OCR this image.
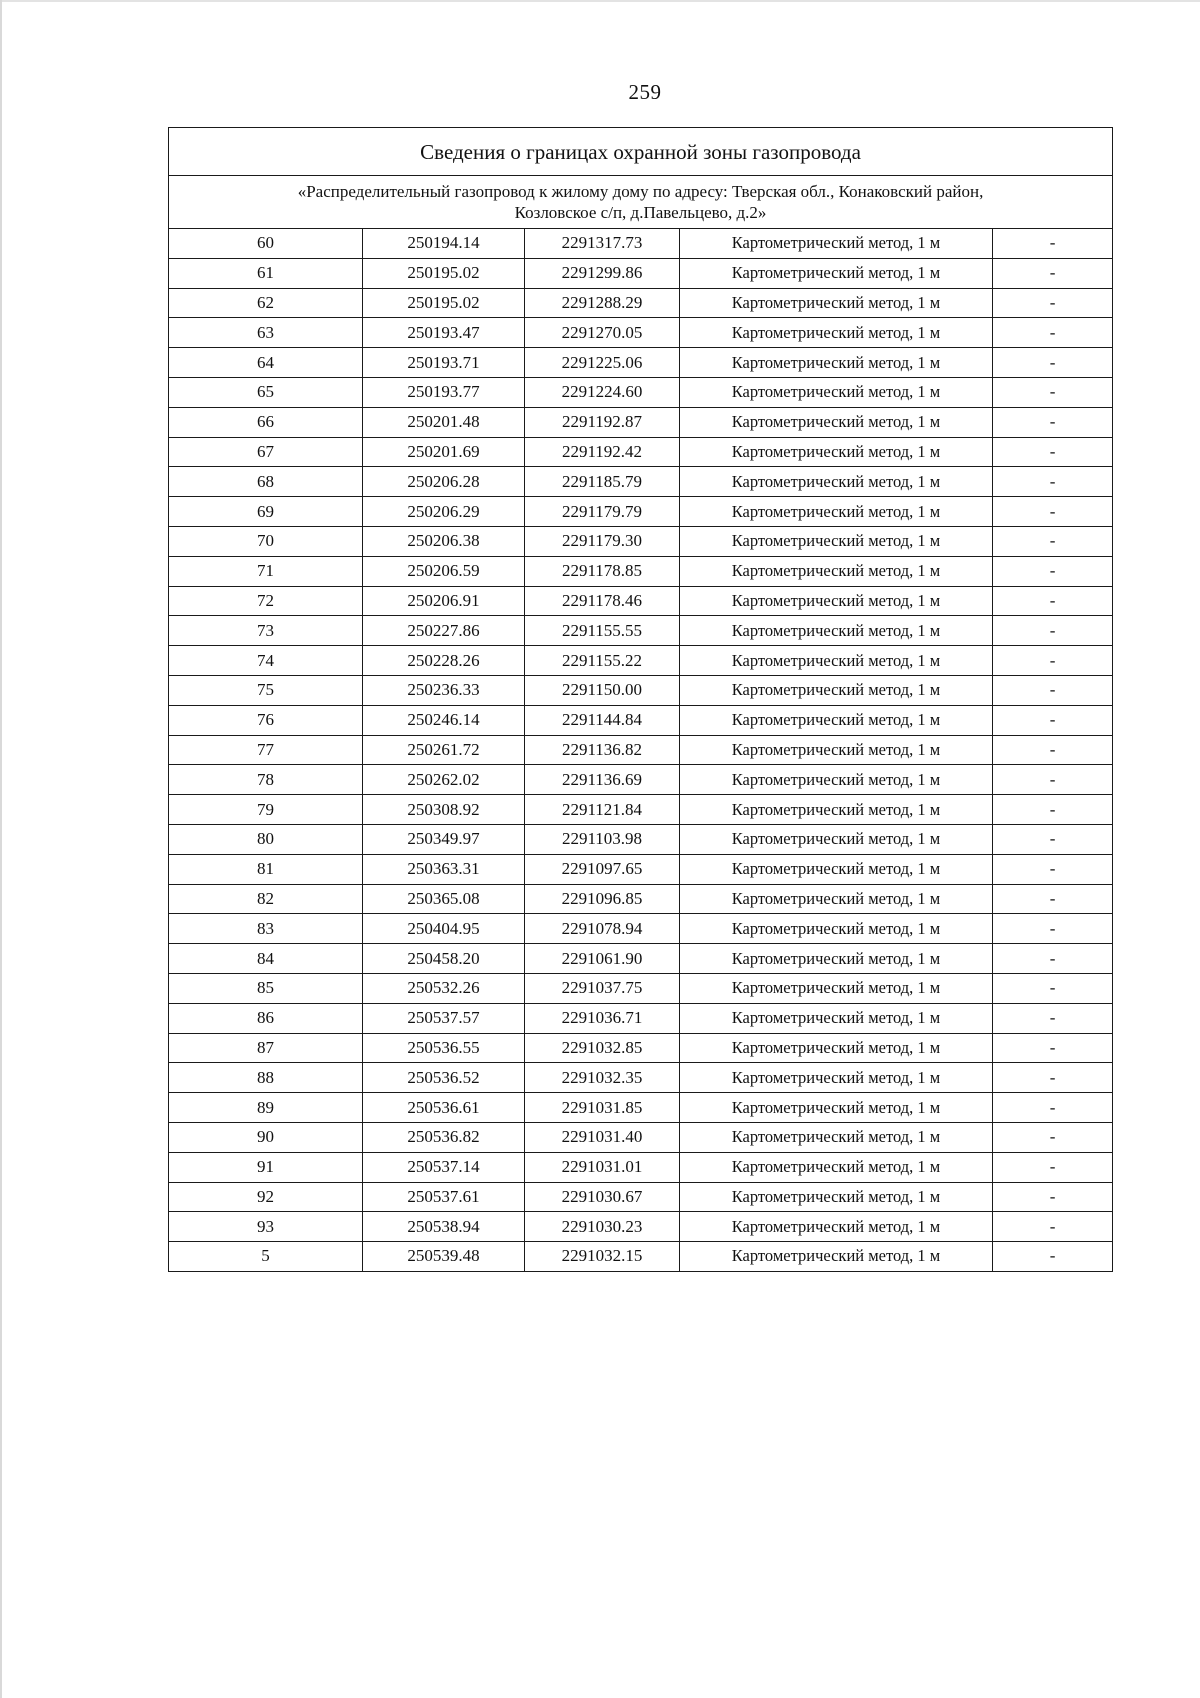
259
Сведения о границах охранной зоны газопровода				
«Распределительный газопровод к жилому дому по адресу: Тверская обл., Конаковский район,
Козловское с/п, д.Павельцево, д.2»				
60	250194.14	2291317.73	Картометрический метод, 1 м	-
61	250195.02	2291299.86	Картометрический метод, 1 м	-
62	250195.02	2291288.29	Картометрический метод, 1 м	-
63	250193.47	2291270.05	Картометрический метод, 1 м	-
64	250193.71	2291225.06	Картометрический метод, 1 м	-
65	250193.77	2291224.60	Картометрический метод, 1 м	-
66	250201.48	2291192.87	Картометрический метод, 1 м	-
67	250201.69	2291192.42	Картометрический метод, 1 м	-
68	250206.28	2291185.79	Картометрический метод, 1 м	-
69	250206.29	2291179.79	Картометрический метод, 1 м	-
70	250206.38	2291179.30	Картометрический метод, 1 м	-
71	250206.59	2291178.85	Картометрический метод, 1 м	-
72	250206.91	2291178.46	Картометрический метод, 1 м	-
73	250227.86	2291155.55	Картометрический метод, 1 м	-
74	250228.26	2291155.22	Картометрический метод, 1 м	-
75	250236.33	2291150.00	Картометрический метод, 1 м	-
76	250246.14	2291144.84	Картометрический метод, 1 м	-
77	250261.72	2291136.82	Картометрический метод, 1 м	-
78	250262.02	2291136.69	Картометрический метод, 1 м	-
79	250308.92	2291121.84	Картометрический метод, 1 м	-
80	250349.97	2291103.98	Картометрический метод, 1 м	-
81	250363.31	2291097.65	Картометрический метод, 1 м	-
82	250365.08	2291096.85	Картометрический метод, 1 м	-
83	250404.95	2291078.94	Картометрический метод, 1 м	-
84	250458.20	2291061.90	Картометрический метод, 1 м	-
85	250532.26	2291037.75	Картометрический метод, 1 м	-
86	250537.57	2291036.71	Картометрический метод, 1 м	-
87	250536.55	2291032.85	Картометрический метод, 1 м	-
88	250536.52	2291032.35	Картометрический метод, 1 м	-
89	250536.61	2291031.85	Картометрический метод, 1 м	-
90	250536.82	2291031.40	Картометрический метод, 1 м	-
91	250537.14	2291031.01	Картометрический метод, 1 м	-
92	250537.61	2291030.67	Картометрический метод, 1 м	-
93	250538.94	2291030.23	Картометрический метод, 1 м	-
5	250539.48	2291032.15	Картометрический метод, 1 м	-
